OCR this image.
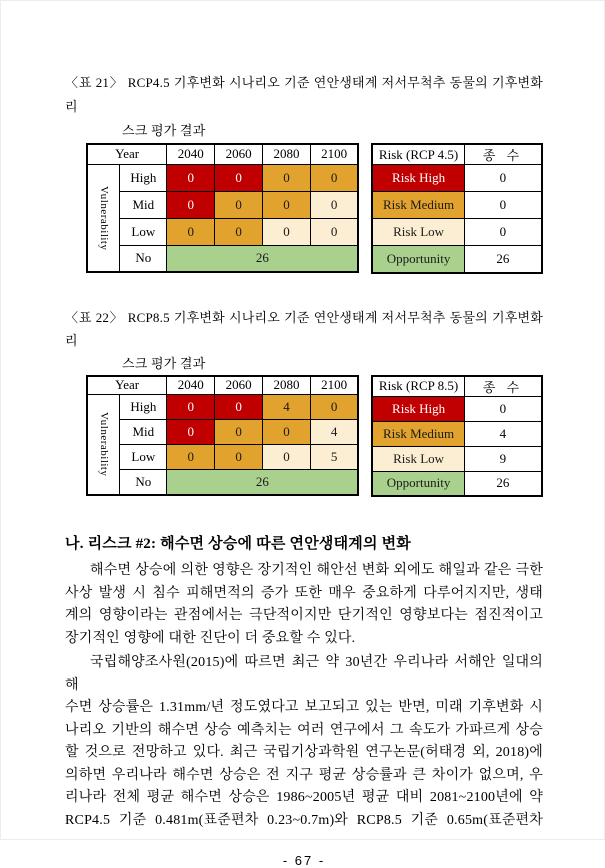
〈표 21〉 RCP4.5 기후변화 시나리오 기준 연안생태계 저서무척추 동물의 기후변화 리
스크 평가 결과
Year		2040	2060	2080	2100

Vulnerability	High	0	0	0	0
	Mid	0	0	0	0
	Low	0	0	0	0
	No	26			
Risk (RCP 4.5)	종 수
Risk High	0
Risk Medium	0
Risk Low	0
Opportunity	26
〈표 22〉 RCP8.5 기후변화 시나리오 기준 연안생태계 저서무척추 동물의 기후변화 리
스크 평가 결과
Year		2040	2060	2080	2100

Vulnerability	High	0	0	4	0
	Mid	0	0	0	4
	Low	0	0	0	5
	No	26			
Risk (RCP 8.5)	종 수
Risk High	0
Risk Medium	4
Risk Low	9
Opportunity	26
나. 리스크 #2: 해수면 상승에 따른 연안생태계의 변화
해수면 상승에 의한 영향은 장기적인 해안선 변화 외에도 해일과 같은 극한
사상 발생 시 침수 피해면적의 증가 또한 매우 중요하게 다루어지지만, 생태
계의 영향이라는 관점에서는 극단적이지만 단기적인 영향보다는 점진적이고
장기적인 영향에 대한 진단이 더 중요할 수 있다.
국립해양조사원(2015)에 따르면 최근 약 30년간 우리나라 서해안 일대의 해
수면 상승률은 1.31mm/년 정도였다고 보고되고 있는 반면, 미래 기후변화 시
나리오 기반의 해수면 상승 예측치는 여러 연구에서 그 속도가 가파르게 상승
할 것으로 전망하고 있다. 최근 국립기상과학원 연구논문(허태경 외, 2018)에
의하면 우리나라 해수면 상승은 전 지구 평균 상승률과 큰 차이가 없으며, 우
리나라 전체 평균 해수면 상승은 1986~2005년 평균 대비 2081~2100년에 약
RCP4.5 기준 0.481m(표준편차 0.23~0.7m)와 RCP8.5 기준 0.65m(표준편차
- 67 -
